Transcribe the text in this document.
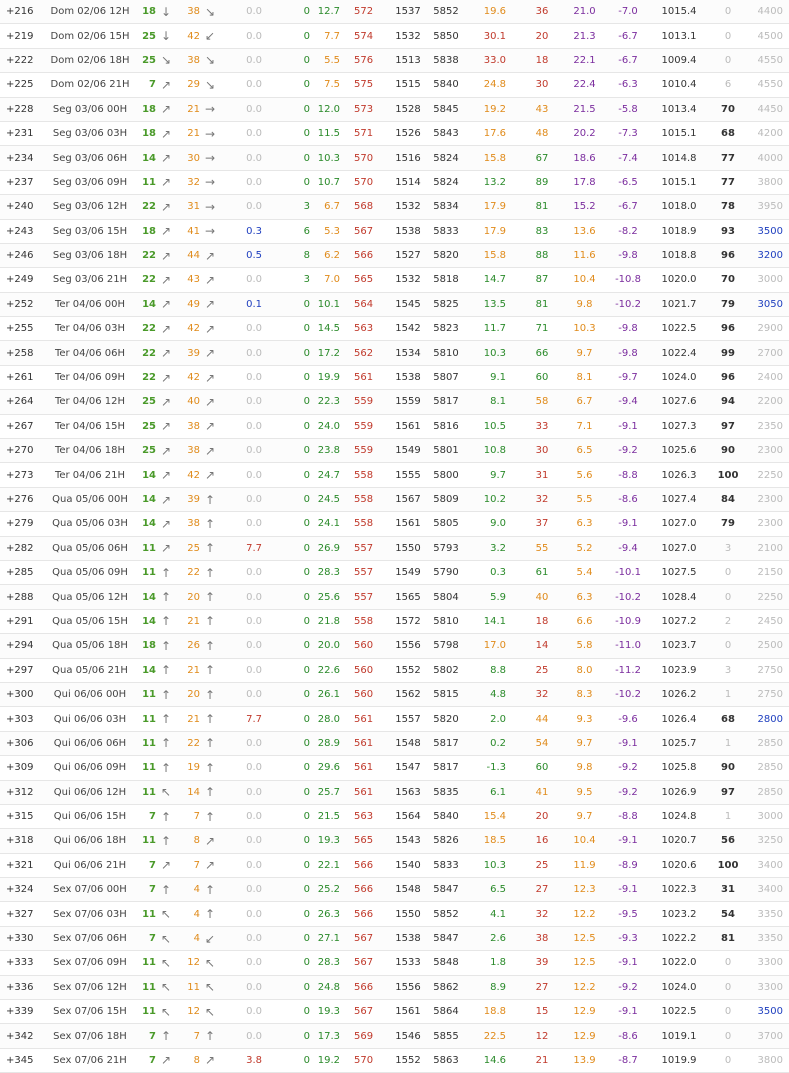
+216	Dom 02/06 12H	18	↓	38	↘	0.0	0	12.7	572	1537	5852	19.6	36	21.0	-7.0	1015.4	0	4400
+219	Dom 02/06 15H	25	↓	42	↙	0.0	0	7.7	574	1532	5850	30.1	20	21.3	-6.7	1013.1	0	4500
+222	Dom 02/06 18H	25	↘	38	↘	0.0	0	5.5	576	1513	5838	33.0	18	22.1	-6.7	1009.4	0	4550
+225	Dom 02/06 21H	7	↗	29	↘	0.0	0	7.5	575	1515	5840	24.8	30	22.4	-6.3	1010.4	6	4550
+228	Seg 03/06 00H	18	↗	21	→	0.0	0	12.0	573	1528	5845	19.2	43	21.5	-5.8	1013.4	70	4450
+231	Seg 03/06 03H	18	↗	21	→	0.0	0	11.5	571	1526	5843	17.6	48	20.2	-7.3	1015.1	68	4200
+234	Seg 03/06 06H	14	↗	30	→	0.0	0	10.3	570	1516	5824	15.8	67	18.6	-7.4	1014.8	77	4000
+237	Seg 03/06 09H	11	↗	32	→	0.0	0	10.7	570	1514	5824	13.2	89	17.8	-6.5	1015.1	77	3800
+240	Seg 03/06 12H	22	↗	31	→	0.0	3	6.7	568	1532	5834	17.9	81	15.2	-6.7	1018.0	78	3950
+243	Seg 03/06 15H	18	↗	41	→	0.3	6	5.3	567	1538	5833	17.9	83	13.6	-8.2	1018.9	93	3500
+246	Seg 03/06 18H	22	↗	44	↗	0.5	8	6.2	566	1527	5820	15.8	88	11.6	-9.8	1018.8	96	3200
+249	Seg 03/06 21H	22	↗	43	↗	0.0	3	7.0	565	1532	5818	14.7	87	10.4	-10.8	1020.0	70	3000
+252	Ter 04/06 00H	14	↗	49	↗	0.1	0	10.1	564	1545	5825	13.5	81	9.8	-10.2	1021.7	79	3050
+255	Ter 04/06 03H	22	↗	42	↗	0.0	0	14.5	563	1542	5823	11.7	71	10.3	-9.8	1022.5	96	2900
+258	Ter 04/06 06H	22	↗	39	↗	0.0	0	17.2	562	1534	5810	10.3	66	9.7	-9.8	1022.4	99	2700
+261	Ter 04/06 09H	22	↗	42	↗	0.0	0	19.9	561	1538	5807	9.1	60	8.1	-9.7	1024.0	96	2400
+264	Ter 04/06 12H	25	↗	40	↗	0.0	0	22.3	559	1559	5817	8.1	58	6.7	-9.4	1027.6	94	2200
+267	Ter 04/06 15H	25	↗	38	↗	0.0	0	24.0	559	1561	5816	10.5	33	7.1	-9.1	1027.3	97	2350
+270	Ter 04/06 18H	25	↗	38	↗	0.0	0	23.8	559	1549	5801	10.8	30	6.5	-9.2	1025.6	90	2300
+273	Ter 04/06 21H	14	↗	42	↗	0.0	0	24.7	558	1555	5800	9.7	31	5.6	-8.8	1026.3	100	2250
+276	Qua 05/06 00H	14	↗	39	↑	0.0	0	24.5	558	1567	5809	10.2	32	5.5	-8.6	1027.4	84	2300
+279	Qua 05/06 03H	14	↗	38	↑	0.0	0	24.1	558	1561	5805	9.0	37	6.3	-9.1	1027.0	79	2300
+282	Qua 05/06 06H	11	↗	25	↑	7.7	0	26.9	557	1550	5793	3.2	55	5.2	-9.4	1027.0	3	2100
+285	Qua 05/06 09H	11	↑	22	↑	0.0	0	28.3	557	1549	5790	0.3	61	5.4	-10.1	1027.5	0	2150
+288	Qua 05/06 12H	14	↑	20	↑	0.0	0	25.6	557	1565	5804	5.9	40	6.3	-10.2	1028.4	0	2250
+291	Qua 05/06 15H	14	↑	21	↑	0.0	0	21.8	558	1572	5810	14.1	18	6.6	-10.9	1027.2	2	2450
+294	Qua 05/06 18H	18	↑	26	↑	0.0	0	20.0	560	1556	5798	17.0	14	5.8	-11.0	1023.7	0	2500
+297	Qua 05/06 21H	14	↑	21	↑	0.0	0	22.6	560	1552	5802	8.8	25	8.0	-11.2	1023.9	3	2750
+300	Qui 06/06 00H	11	↑	20	↑	0.0	0	26.1	560	1562	5815	4.8	32	8.3	-10.2	1026.2	1	2750
+303	Qui 06/06 03H	11	↑	21	↑	7.7	0	28.0	561	1557	5820	2.0	44	9.3	-9.6	1026.4	68	2800
+306	Qui 06/06 06H	11	↑	22	↑	0.0	0	28.9	561	1548	5817	0.2	54	9.7	-9.1	1025.7	1	2850
+309	Qui 06/06 09H	11	↑	19	↑	0.0	0	29.6	561	1547	5817	-1.3	60	9.8	-9.2	1025.8	90	2850
+312	Qui 06/06 12H	11	↖	14	↑	0.0	0	25.7	561	1563	5835	6.1	41	9.5	-9.2	1026.9	97	2850
+315	Qui 06/06 15H	7	↑	7	↑	0.0	0	21.5	563	1564	5840	15.4	20	9.7	-8.8	1024.8	1	3000
+318	Qui 06/06 18H	11	↑	8	↗	0.0	0	19.3	565	1543	5826	18.5	16	10.4	-9.1	1020.7	56	3250
+321	Qui 06/06 21H	7	↗	7	↗	0.0	0	22.1	566	1540	5833	10.3	25	11.9	-8.9	1020.6	100	3400
+324	Sex 07/06 00H	7	↑	4	↑	0.0	0	25.2	566	1548	5847	6.5	27	12.3	-9.1	1022.3	31	3400
+327	Sex 07/06 03H	11	↖	4	↑	0.0	0	26.3	566	1550	5852	4.1	32	12.2	-9.5	1023.2	54	3350
+330	Sex 07/06 06H	7	↖	4	↙	0.0	0	27.1	567	1538	5847	2.6	38	12.5	-9.3	1022.2	81	3350
+333	Sex 07/06 09H	11	↖	12	↖	0.0	0	28.3	567	1533	5848	1.8	39	12.5	-9.1	1022.0	0	3300
+336	Sex 07/06 12H	11	↖	11	↖	0.0	0	24.8	566	1556	5862	8.9	27	12.2	-9.2	1024.0	0	3300
+339	Sex 07/06 15H	11	↖	12	↖	0.0	0	19.3	567	1561	5864	18.8	15	12.9	-9.1	1022.5	0	3500
+342	Sex 07/06 18H	7	↑	7	↑	0.0	0	17.3	569	1546	5855	22.5	12	12.9	-8.6	1019.1	0	3700
+345	Sex 07/06 21H	7	↗	8	↗	3.8	0	19.2	570	1552	5863	14.6	21	13.9	-8.7	1019.9	0	3800
